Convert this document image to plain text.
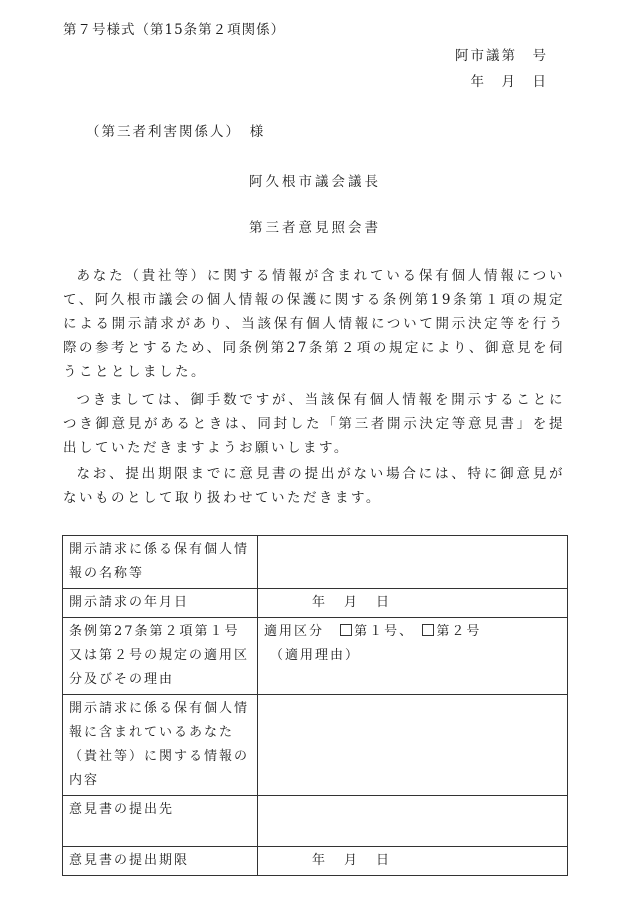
第７号様式（第15条第２項関係）
阿市議第　号
年　月　日
（第三者利害関係人）　様
阿久根市議会議長
第三者意見照会書
あなた（貴社等）に関する情報が含まれている保有個人情報について、阿久根市議会の個人情報の保護に関する条例第19条第１項の規定による開示請求があり、当該保有個人情報について開示決定等を行う際の参考とするため、同条例第27条第２項の規定により、御意見を伺うこととしました。
つきましては、御手数ですが、当該保有個人情報を開示することにつき御意見があるときは、同封した「第三者開示決定等意見書」を提出していただきますようお願いします。
なお、提出期限までに意見書の提出がない場合には、特に御意見がないものとして取り扱わせていただきます。
開示請求に係る保有個人情報の名称等	
開示請求の年月日	年　月　日
条例第27条第２項第１号又は第２号の規定の適用区分及びその理由	適用区分 第１号、 第２号
（適用理由）

開示請求に係る保有個人情報に含まれているあなた（貴社等）に関する情報の内容	
意見書の提出先	
意見書の提出期限	年　月　日
